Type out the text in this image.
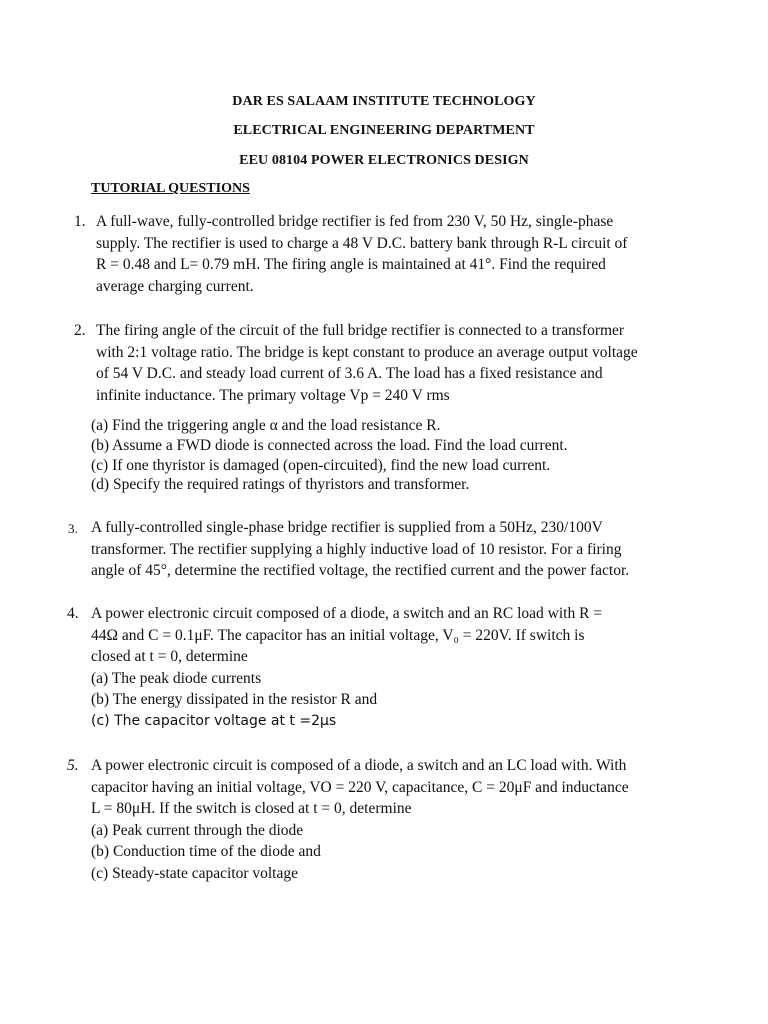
DAR ES SALAAM INSTITUTE TECHNOLOGY
ELECTRICAL ENGINEERING DEPARTMENT
EEU 08104 POWER ELECTRONICS DESIGN
TUTORIAL QUESTIONS
1. A full-wave, fully-controlled bridge rectifier is fed from 230 V, 50 Hz, single-phase
supply. The rectifier is used to charge a 48 V D.C. battery bank through R-L circuit of
R = 0.48 and L= 0.79 mH. The firing angle is maintained at 41°. Find the required
average charging current.
2. The firing angle of the circuit of the full bridge rectifier is connected to a transformer
with 2:1 voltage ratio. The bridge is kept constant to produce an average output voltage
of 54 V D.C. and steady load current of 3.6 A. The load has a fixed resistance and
infinite inductance. The primary voltage Vp = 240 V rms
(a) Find the triggering angle α and the load resistance R.
(b) Assume a FWD diode is connected across the load. Find the load current.
(c) If one thyristor is damaged (open-circuited), find the new load current.
(d) Specify the required ratings of thyristors and transformer.
3. A fully-controlled single-phase bridge rectifier is supplied from a 50Hz, 230/100V
transformer. The rectifier supplying a highly inductive load of 10 resistor. For a firing
angle of 45°, determine the rectified voltage, the rectified current and the power factor.
4. A power electronic circuit composed of a diode, a switch and an RC load with R =
44Ω and C = 0.1μF. The capacitor has an initial voltage, V₀ = 220V. If switch is
closed at t = 0, determine
(a) The peak diode currents
(b) The energy dissipated in the resistor R and
(c) The capacitor voltage at t =2μs
5. A power electronic circuit is composed of a diode, a switch and an LC load with. With
capacitor having an initial voltage, VO = 220 V, capacitance, C = 20μF and inductance
L = 80μH. If the switch is closed at t = 0, determine
(a) Peak current through the diode
(b) Conduction time of the diode and
(c) Steady-state capacitor voltage
